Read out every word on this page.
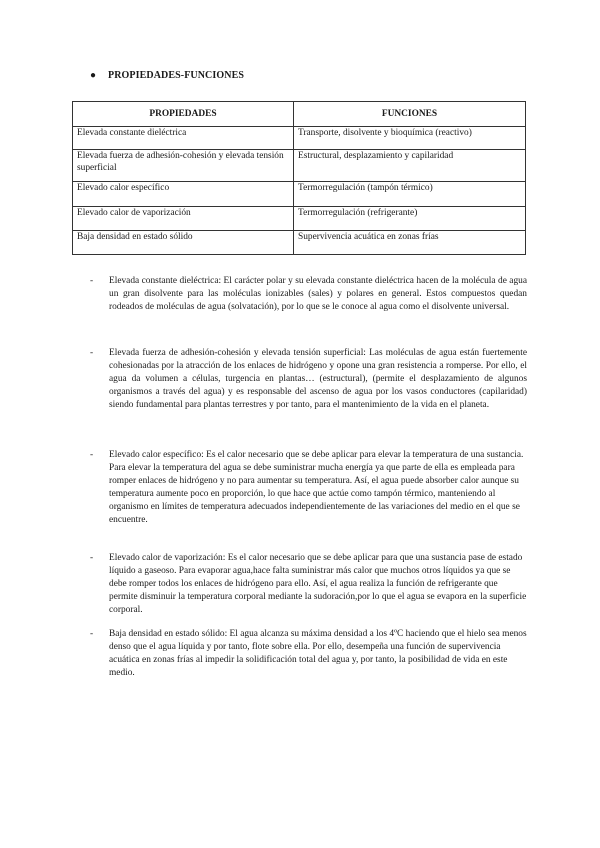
● PROPIEDADES-FUNCIONES
PROPIEDADES	FUNCIONES
Elevada constante dieléctrica	Transporte, disolvente y bioquímica (reactivo)
Elevada fuerza de adhesión-cohesión y elevada tensión superficial	Estructural, desplazamiento y capilaridad
Elevado calor específico	Termorregulación (tampón térmico)
Elevado calor de vaporización	Termorregulación (refrigerante)
Baja densidad en estado sólido	Supervivencia acuática en zonas frías
- Elevada constante dieléctrica: El carácter polar y su elevada constante dieléctrica hacen de la molécula de agua un gran disolvente para las moléculas ionizables (sales) y polares en general. Estos compuestos quedan rodeados de moléculas de agua (solvatación), por lo que se le conoce al agua como el disolvente universal.
- Elevada fuerza de adhesión-cohesión y elevada tensión superficial: Las moléculas de agua están fuertemente cohesionadas por la atracción de los enlaces de hidrógeno y opone una gran resistencia a romperse. Por ello, el agua da volumen a células, turgencia en plantas… (estructural), (permite el desplazamiento de algunos organismos a través del agua) y es responsable del ascenso de agua por los vasos conductores (capilaridad) siendo fundamental para plantas terrestres y por tanto, para el mantenimiento de la vida en el planeta.
- Elevado calor específico: Es el calor necesario que se debe aplicar para elevar la temperatura de una sustancia. Para elevar la temperatura del agua se debe suministrar mucha energía ya que parte de ella es empleada para romper enlaces de hidrógeno y no para aumentar su temperatura. Así, el agua puede absorber calor aunque su temperatura aumente poco en proporción, lo que hace que actúe como tampón térmico, manteniendo al organismo en límites de temperatura adecuados independientemente de las variaciones del medio en el que se encuentre.
- Elevado calor de vaporización: Es el calor necesario que se debe aplicar para que una sustancia pase de estado líquido a gaseoso. Para evaporar agua,hace falta suministrar más calor que muchos otros líquidos ya que se debe romper todos los enlaces de hidrógeno para ello. Así, el agua realiza la función de refrigerante que permite disminuir la temperatura corporal mediante la sudoración,por lo que el agua se evapora en la superficie corporal.
- Baja densidad en estado sólido: El agua alcanza su máxima densidad a los 4ºC haciendo que el hielo sea menos denso que el agua líquida y por tanto, flote sobre ella. Por ello, desempeña una función de supervivencia acuática en zonas frías al impedir la solidificación total del agua y, por tanto, la posibilidad de vida en este medio.
